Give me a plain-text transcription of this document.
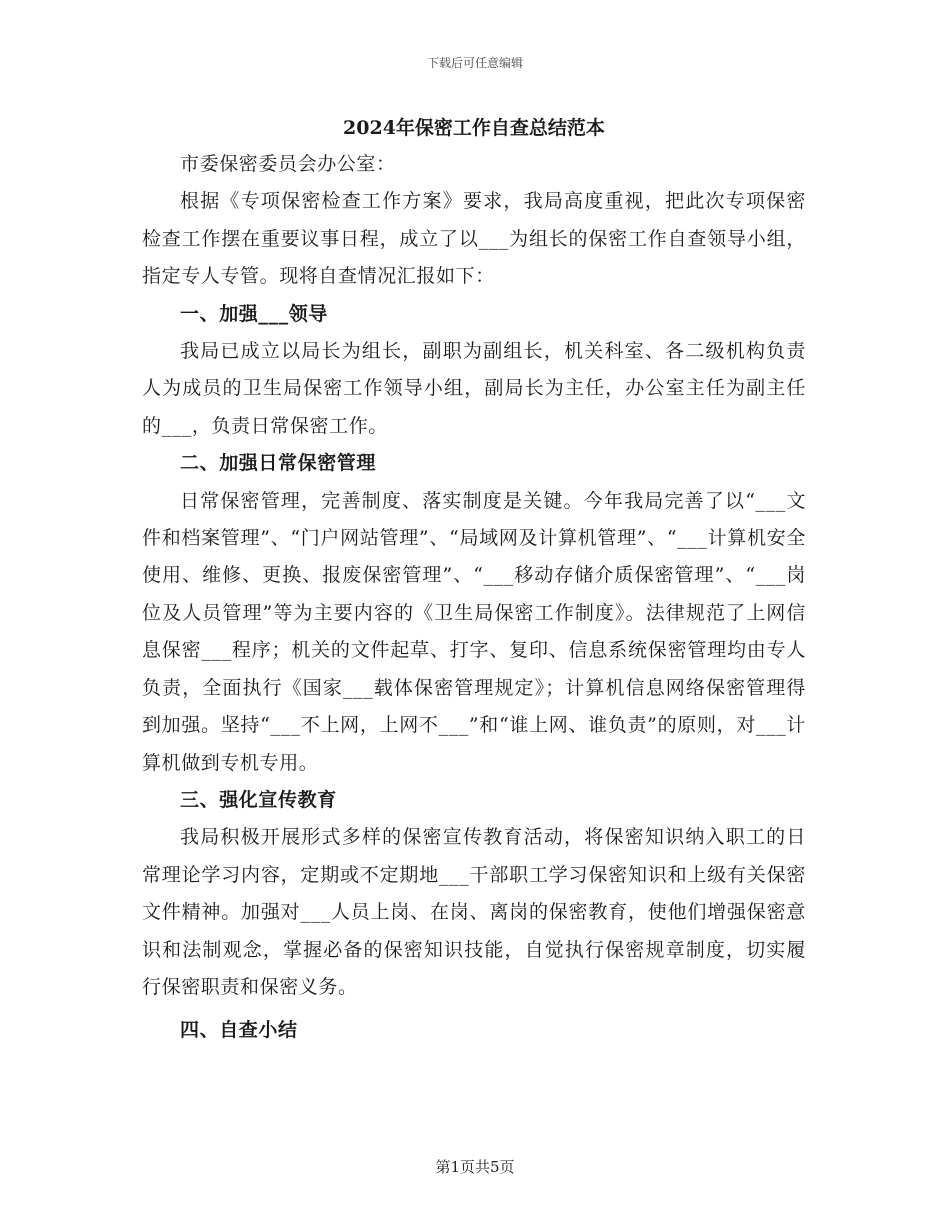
下载后可任意编辑
2024年保密工作自查总结范本

市委保密委员会办公室：

根据《专项保密检查工作方案》要求，我局高度重视，把此次专项保密检查工作摆在重要议事日程，成立了以___为组长的保密工作自查领导小组，指定专人专管。现将自查情况汇报如下：

一、加强___领导

我局已成立以局长为组长，副职为副组长，机关科室、各二级机构负责人为成员的卫生局保密工作领导小组，副局长为主任，办公室主任为副主任的___，负责日常保密工作。

二、加强日常保密管理

日常保密管理，完善制度、落实制度是关键。今年我局完善了以“___文件和档案管理”、“门户网站管理”、“局域网及计算机管理”、“___计算机安全使用、维修、更换、报废保密管理”、“___移动存储介质保密管理”、“___岗位及人员管理”等为主要内容的《卫生局保密工作制度》。法律规范了上网信息保密___程序；机关的文件起草、打字、复印、信息系统保密管理均由专人负责，全面执行《国家___载体保密管理规定》；计算机信息网络保密管理得到加强。坚持“___不上网，上网不___”和“谁上网、谁负责”的原则，对___计算机做到专机专用。

三、强化宣传教育

我局积极开展形式多样的保密宣传教育活动，将保密知识纳入职工的日常理论学习内容，定期或不定期地___干部职工学习保密知识和上级有关保密文件精神。加强对___人员上岗、在岗、离岗的保密教育，使他们增强保密意识和法制观念，掌握必备的保密知识技能，自觉执行保密规章制度，切实履行保密职责和保密义务。

四、自查小结
第1页共5页
